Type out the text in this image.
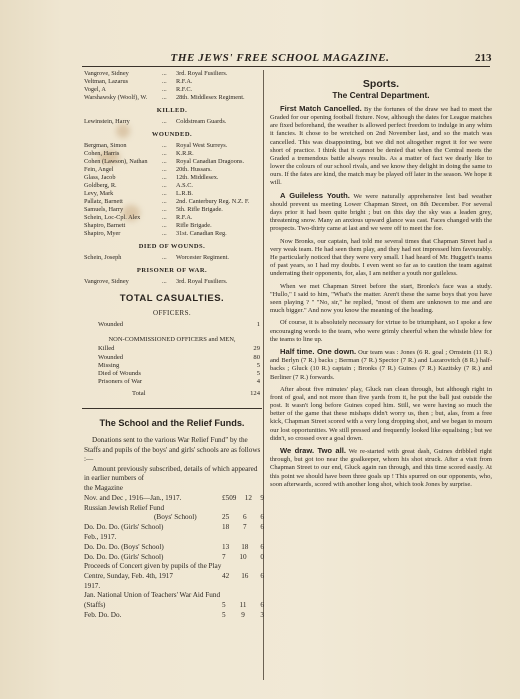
THE JEWS' FREE SCHOOL MAGAZINE.	213
Vangrove, Sidney	...	3rd. Royal Fusiliers.
Veltman, Lazarus	...	R.F.A.
Vogel, A	...	R.F.C.
Warshawsky (Woolf), W.	...	28th. Middlesex Regiment.
KILLED.
Lewinstein, Harry	...	Coldstream Guards.
WOUNDED.
Bergman, Simon	...	Royal West Surreys.
Cohen, Harris	...	K.R.R.
Cohen (Lawson), Nathan	...	Royal Canadian Dragoons.
Fein, Angel	...	20th. Hussars.
Glass, Jacob	...	12th. Middlesex.
Goldberg, R.	...	A.S.C.
Levy, Mark	...	L.R.B.
Pallatz, Barnett	...	2nd. Canterbury Reg. N.Z. F.
Samuels, Harry	...	5th. Rifle Brigade.
Schein, Loc-Cpl. Alex	...	R.F.A.
Shapiro, Barnett	...	Rifle Brigade.
Shapiro, Myer	...	31st. Canadian Reg.
DIED OF WOUNDS.
Schein, Joseph	...	Worcester Regiment.
PRISONER OF WAR.
Vangrove, Sidney	...	3rd. Royal Fusiliers.
TOTAL CASUALTIES.
OFFICERS.
Wounded	1
NON-COMMISSIONED OFFICERS and MEN,
Killed	29
Wounded	80
Missing	5
Died of Wounds	5
Prisoners of War	4
Total	124
The School and the Relief Funds.

Donations sent to the various War Relief Fund" by the Staffs and pupils of the boys' and girls' schools are as follows :—

Amount previously subscribed, details of which appeared in earlier numbers of

the Magazine
Nov. and Dec , 1916—Jan., 1917.	£509 12 9
Russian Jewish Relief Fund
(Boys' School)	25 6 6
Do. Do. Do. (Girls' School)	18 7 6
Feb., 1917.
Do. Do. Do. (Boys' School)	13 18 6
Do. Do. Do. (Girls' School)	7 10 0
Proceeds of Concert given by pupils of the Play Centre, Sunday, Feb. 4th, 1917	42 16 6
1917.
Jan. National Union of Teachers' War Aid Fund (Staffs)	5 11 6
Feb. Do. Do.	5 9 3
Sports.
The Central Department.

First Match Cancelled. By the fortunes of the draw we had to meet the Graded for our opening football fixture. Now, although the dates for League matches are fixed beforehand, the weather is allowed perfect freedom to indulge in any whim it fancies. It chose to be wretched on 2nd November last, and so the match was cancelled. This was disappointing, but we did not altogether regret it for we were short of practice. I think that it cannot be denied that when the Central meets the Graded a tremendous battle always results. As a matter of fact we dearly like to lower the colours of our school rivals, and we know they delight in doing the same to ours. If the fates are kind, the match may be played off later in the season. We hope it will.

A Guileless Youth. We were naturally apprehensive lest bad weather should prevent us meeting Lower Chapman Street, on 8th December. For several days prior it had been quite bright ; but on this day the sky was a leaden grey, threatening snow. Many an anxious upward glance was cast. Faces changed with the prospects. Two-thirty came at last and we were off to meet the foe.

Now Bronks, our captain, had told me several times that Chapman Street had a very weak team. He had seen them play, and they had not impressed him favourably. He particularly noticed that they were very small. I had heard of Mr. Huggett's teams of past years, so I had my doubts. I even went so far as to caution the team against underrating their opponents, for, alas, I am neither a youth nor guileless.

When we met Chapman Street before the start, Bronks's face was a study. "Hullo," I said to him, "What's the matter. Aren't these the same boys that you have seen playing ? " "No, sir," he replied, "most of them are unknown to me and are much bigger." And now you know the meaning of the heading.

Of course, it is absolutely necessary for virtue to be triumphant, so I spoke a few encouraging words to the team, who were grimly cheerful when the whistle blew for the teams to line up.

Half time. One down. Our team was : Jones (6 R. goal ; Ornstein (11 R.) and Berlyn (7 R.) backs ; Berman (7 R.) Spector (7 R.) and Lazarovitch (8 R.) half-backs ; Gluck (10 R.) captain ; Bronks (7 R.) Guines (7 R.) Kazitsky (7 R.) and Berliner (7 R.) forwards.

After about five minutes' play, Gluck ran clean through, but although right in front of goal, and not more than five yards from it, he put the ball just outside the post. It wasn't long before Guines coped him. Still, we were having so much the better of the game that these mishaps didn't worry us, then ; but, alas, from a free kick, Chapman Street scored with a very long dropping shot, and we began to mourn our lost opportunities. We still pressed and frequently looked like equalising ; but we didn't, so crossed over a goal down.

We draw. Two all. We re-started with great dash, Guines dribbled right through, but got too near the goalkeeper, whom his shot struck. After a visit from Chapman Street to our end, Gluck again ran through, and this time scored easily. At this point we should have been three goals up ! This spurred on our opponents, who, soon afterwards, scored with another long shot, which took Jones by surprise.
